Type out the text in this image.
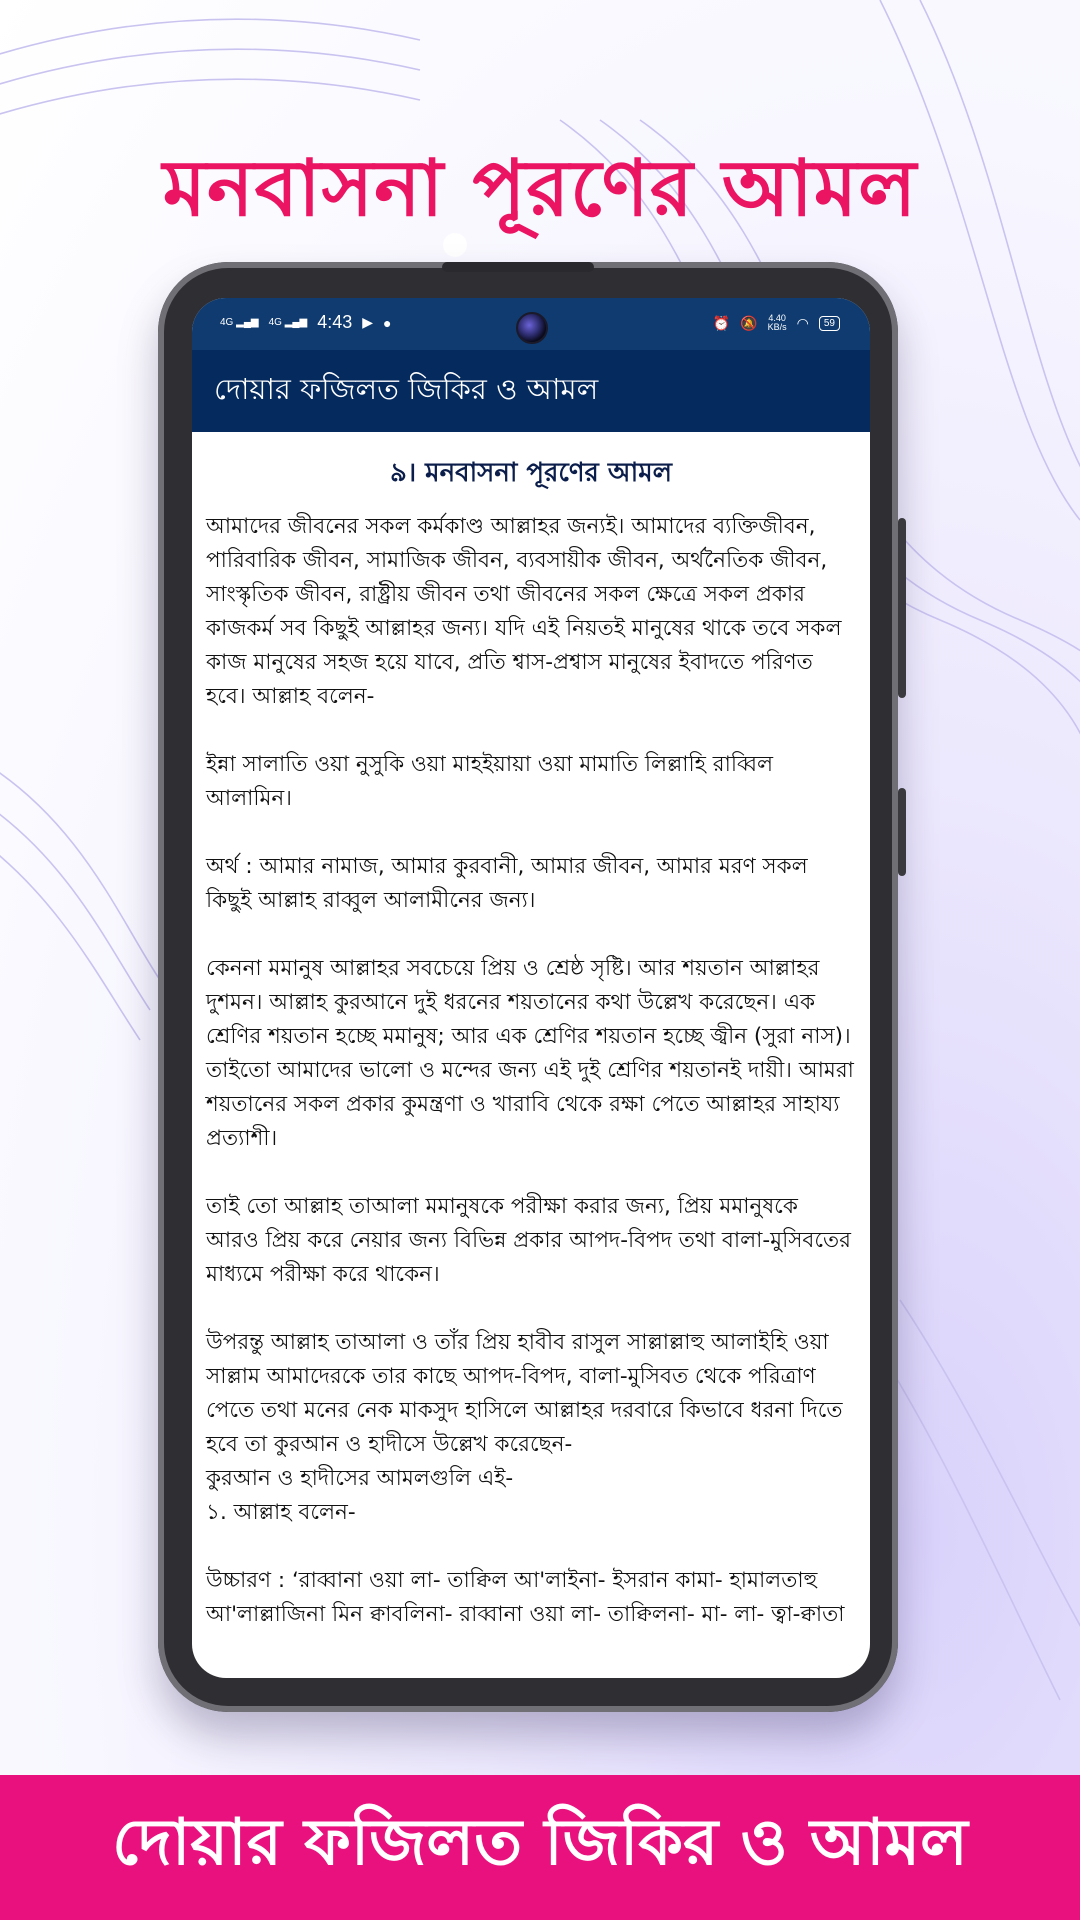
মনবাসনা পূরণের আমল
4G ▂▄▆ 4G ▂▄▆ 4:43 ▶ ●	⏰ 🔕 4.40
KB/s ◠	59
দোয়ার ফজিলত জিকির ও আমল
৯। মনবাসনা পূরণের আমল

আমাদের জীবনের সকল কর্মকাণ্ড আল্লাহর জন্যই। আমাদের ব্যক্তিজীবন, পারিবারিক জীবন, সামাজিক জীবন, ব্যবসায়ীক জীবন, অর্থনৈতিক জীবন, সাংস্কৃতিক জীবন, রাষ্ট্রীয় জীবন তথা জীবনের সকল ক্ষেত্রে সকল প্রকার কাজকর্ম সব কিছুই আল্লাহর জন্য। যদি এই নিয়তই মানুষের থাকে তবে সকল কাজ মানুষের সহজ হয়ে যাবে, প্রতি শ্বাস-প্রশ্বাস মানুষের ইবাদতে পরিণত হবে। আল্লাহ বলেন-

ইন্না সালাতি ওয়া নুসুকি ওয়া মাহইয়ায়া ওয়া মামাতি লিল্লাহি রাব্বিল আলামিন।

অর্থ : আমার নামাজ, আমার কুরবানী, আমার জীবন, আমার মরণ সকল কিছুই আল্লাহ রাব্বুল আলামীনের জন্য।

কেননা মমানুষ আল্লাহর সবচেয়ে প্রিয় ও শ্রেষ্ঠ সৃষ্টি। আর শয়তান আল্লাহর দুশমন। আল্লাহ কুরআনে দুই ধরনের শয়তানের কথা উল্লেখ করেছেন। এক শ্রেণির শয়তান হচ্ছে মমানুষ; আর এক শ্রেণির শয়তান হচ্ছে জ্বীন (সুরা নাস)। তাইতো আমাদের ভালো ও মন্দের জন্য এই দুই শ্রেণির শয়তানই দায়ী। আমরা শয়তানের সকল প্রকার কুমন্ত্রণা ও খারাবি থেকে রক্ষা পেতে আল্লাহর সাহায্য প্রত্যাশী।

তাই তো আল্লাহ তাআলা মমানুষকে পরীক্ষা করার জন্য, প্রিয় মমানুষকে আরও প্রিয় করে নেয়ার জন্য বিভিন্ন প্রকার আপদ-বিপদ তথা বালা-মুসিবতের মাধ্যমে পরীক্ষা করে থাকেন।

উপরন্তু আল্লাহ তাআলা ও তাঁর প্রিয় হাবীব রাসুল সাল্লাল্লাহু আলাইহি ওয়া সাল্লাম আমাদেরকে তার কাছে আপদ-বিপদ, বালা-মুসিবত থেকে পরিত্রাণ পেতে তথা মনের নেক মাকসুদ হাসিলে আল্লাহর দরবারে কিভাবে ধরনা দিতে হবে তা কুরআন ও হাদীসে উল্লেখ করেছেন-

কুরআন ও হাদীসের আমলগুলি এই-

১. আল্লাহ বলেন-

উচ্চারণ : ‘রাব্বানা ওয়া লা- তাক্বিল আ'লাইনা- ইসরান কামা- হামালতাহু আ'লাল্লাজিনা মিন ক্বাবলিনা- রাব্বানা ওয়া লা- তাক্বিলনা- মা- লা- ত্বা-ক্বাতা

দোয়ার ফজিলত জিকির ও আমল
